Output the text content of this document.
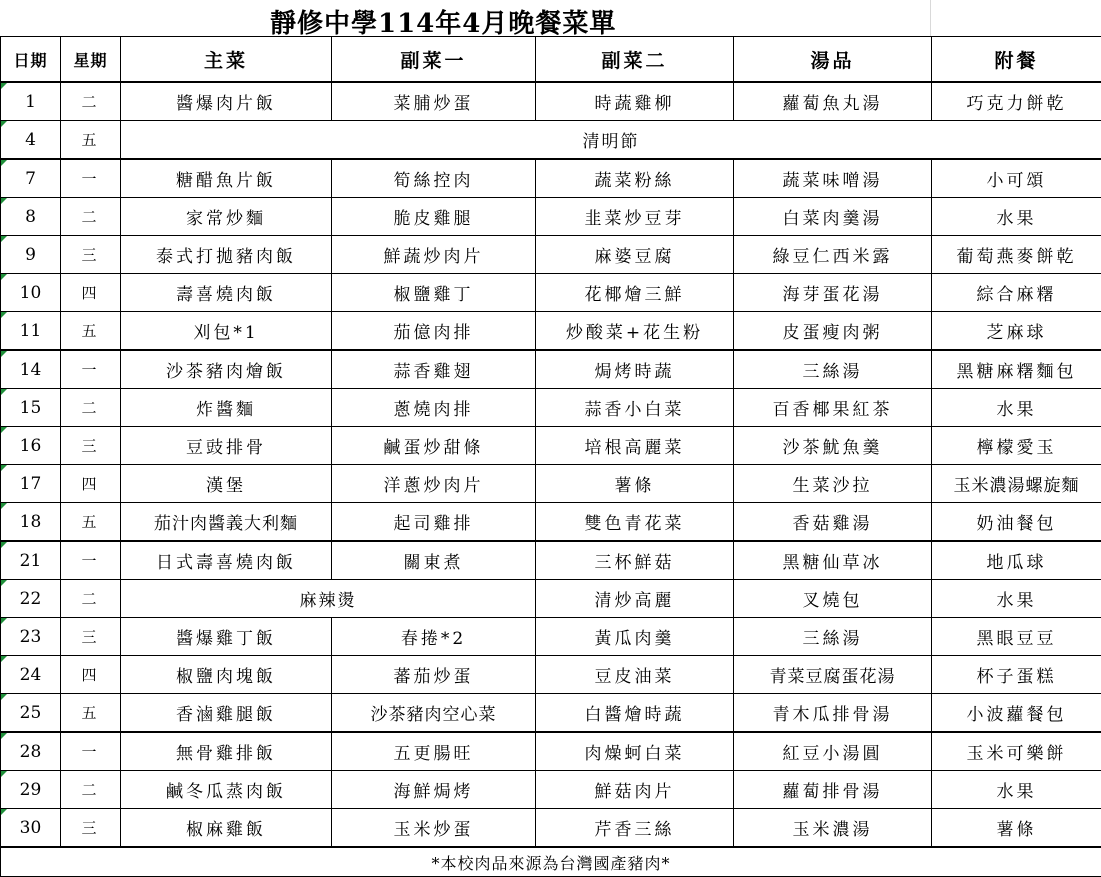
靜修中學114年4月晚餐菜單
日期	星期	主菜	副菜一	副菜二	湯品	附餐
1	二	醬爆肉片飯	菜脯炒蛋	時蔬雞柳	蘿蔔魚丸湯	巧克力餅乾
4	五	清明節				
7	一	糖醋魚片飯	筍絲控肉	蔬菜粉絲	蔬菜味噌湯	小可頌
8	二	家常炒麵	脆皮雞腿	韭菜炒豆芽	白菜肉羹湯	水果
9	三	泰式打拋豬肉飯	鮮蔬炒肉片	麻婆豆腐	綠豆仁西米露	葡萄燕麥餅乾
10	四	壽喜燒肉飯	椒鹽雞丁	花椰燴三鮮	海芽蛋花湯	綜合麻糬
11	五	刈包*1	茄億肉排	炒酸菜+花生粉	皮蛋瘦肉粥	芝麻球
14	一	沙茶豬肉燴飯	蒜香雞翅	焗烤時蔬	三絲湯	黑糖麻糬麵包
15	二	炸醬麵	蔥燒肉排	蒜香小白菜	百香椰果紅茶	水果
16	三	豆豉排骨	鹹蛋炒甜條	培根高麗菜	沙茶魷魚羹	檸檬愛玉
17	四	漢堡	洋蔥炒肉片	薯條	生菜沙拉	玉米濃湯螺旋麵
18	五	茄汁肉醬義大利麵	起司雞排	雙色青花菜	香菇雞湯	奶油餐包
21	一	日式壽喜燒肉飯	關東煮	三杯鮮菇	黑糖仙草冰	地瓜球
22	二	麻辣燙		清炒高麗	叉燒包	水果
23	三	醬爆雞丁飯	春捲*2	黃瓜肉羹	三絲湯	黑眼豆豆
24	四	椒鹽肉塊飯	蕃茄炒蛋	豆皮油菜	青菜豆腐蛋花湯	杯子蛋糕
25	五	香滷雞腿飯	沙茶豬肉空心菜	白醬燴時蔬	青木瓜排骨湯	小波蘿餐包
28	一	無骨雞排飯	五更腸旺	肉燥蚵白菜	紅豆小湯圓	玉米可樂餅
29	二	鹹冬瓜蒸肉飯	海鮮焗烤	鮮菇肉片	蘿蔔排骨湯	水果
30	三	椒麻雞飯	玉米炒蛋	芹香三絲	玉米濃湯	薯條
*本校肉品來源為台灣國產豬肉*						
